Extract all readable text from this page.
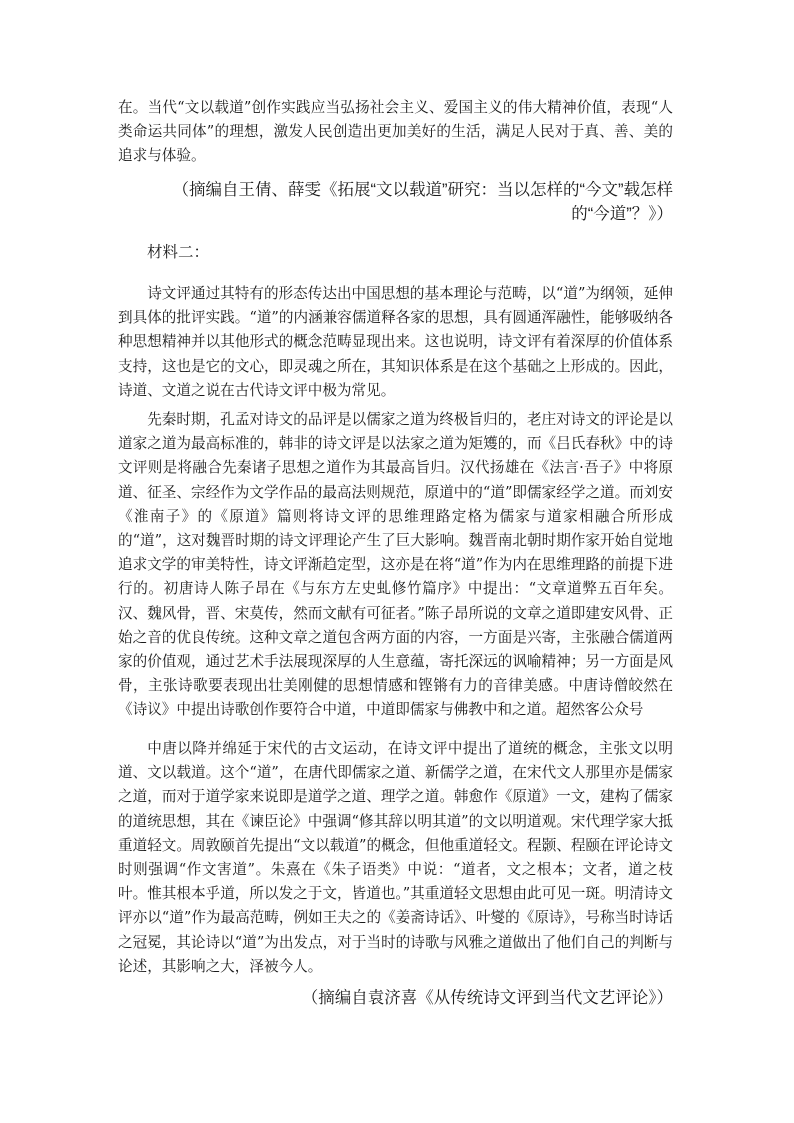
在。当代“文以载道”创作实践应当弘扬社会主义、爱国主义的伟大精神价值，表现“人类命运共同体”的理想，激发人民创造出更加美好的生活，满足人民对于真、善、美的追求与体验。

（摘编自王倩、薛雯《拓展“文以载道”研究：当以怎样的“今文”载怎样的“今道”？》）

材料二：

诗文评通过其特有的形态传达出中国思想的基本理论与范畴，以“道”为纲领，延伸到具体的批评实践。“道”的内涵兼容儒道释各家的思想，具有圆通浑融性，能够吸纳各种思想精神并以其他形式的概念范畴显现出来。这也说明，诗文评有着深厚的价值体系支持，这也是它的文心，即灵魂之所在，其知识体系是在这个基础之上形成的。因此，诗道、文道之说在古代诗文评中极为常见。

先秦时期，孔孟对诗文的品评是以儒家之道为终极旨归的，老庄对诗文的评论是以道家之道为最高标准的，韩非的诗文评是以法家之道为矩矱的，而《吕氏春秋》中的诗文评则是将融合先秦诸子思想之道作为其最高旨归。汉代扬雄在《法言·吾子》中将原道、征圣、宗经作为文学作品的最高法则规范，原道中的“道”即儒家经学之道。而刘安《淮南子》的《原道》篇则将诗文评的思维理路定格为儒家与道家相融合所形成的“道”，这对魏晋时期的诗文评理论产生了巨大影响。魏晋南北朝时期作家开始自觉地追求文学的审美特性，诗文评渐趋定型，这亦是在将“道”作为内在思维理路的前提下进行的。初唐诗人陈子昂在《与东方左史虬修竹篇序》中提出：“文章道弊五百年矣。汉、魏风骨，晋、宋莫传，然而文献有可征者。”陈子昂所说的文章之道即建安风骨、正始之音的优良传统。这种文章之道包含两方面的内容，一方面是兴寄，主张融合儒道两家的价值观，通过艺术手法展现深厚的人生意蕴，寄托深远的讽喻精神；另一方面是风骨，主张诗歌要表现出壮美刚健的思想情感和铿锵有力的音律美感。中唐诗僧皎然在《诗议》中提出诗歌创作要符合中道，中道即儒家与佛教中和之道。超然客公众号

中唐以降并绵延于宋代的古文运动，在诗文评中提出了道统的概念，主张文以明道、文以载道。这个“道”，在唐代即儒家之道、新儒学之道，在宋代文人那里亦是儒家之道，而对于道学家来说即是道学之道、理学之道。韩愈作《原道》一文，建构了儒家的道统思想，其在《谏臣论》中强调“修其辞以明其道”的文以明道观。宋代理学家大抵重道轻文。周敦颐首先提出“文以载道”的概念，但他重道轻文。程颢、程颐在评论诗文时则强调“作文害道”。朱熹在《朱子语类》中说：“道者，文之根本；文者，道之枝叶。惟其根本乎道，所以发之于文，皆道也。”其重道轻文思想由此可见一斑。明清诗文评亦以“道”作为最高范畴，例如王夫之的《姜斋诗话》、叶燮的《原诗》，号称当时诗话之冠冕，其论诗以“道”为出发点，对于当时的诗歌与风雅之道做出了他们自己的判断与论述，其影响之大，泽被今人。

（摘编自袁济喜《从传统诗文评到当代文艺评论》）
